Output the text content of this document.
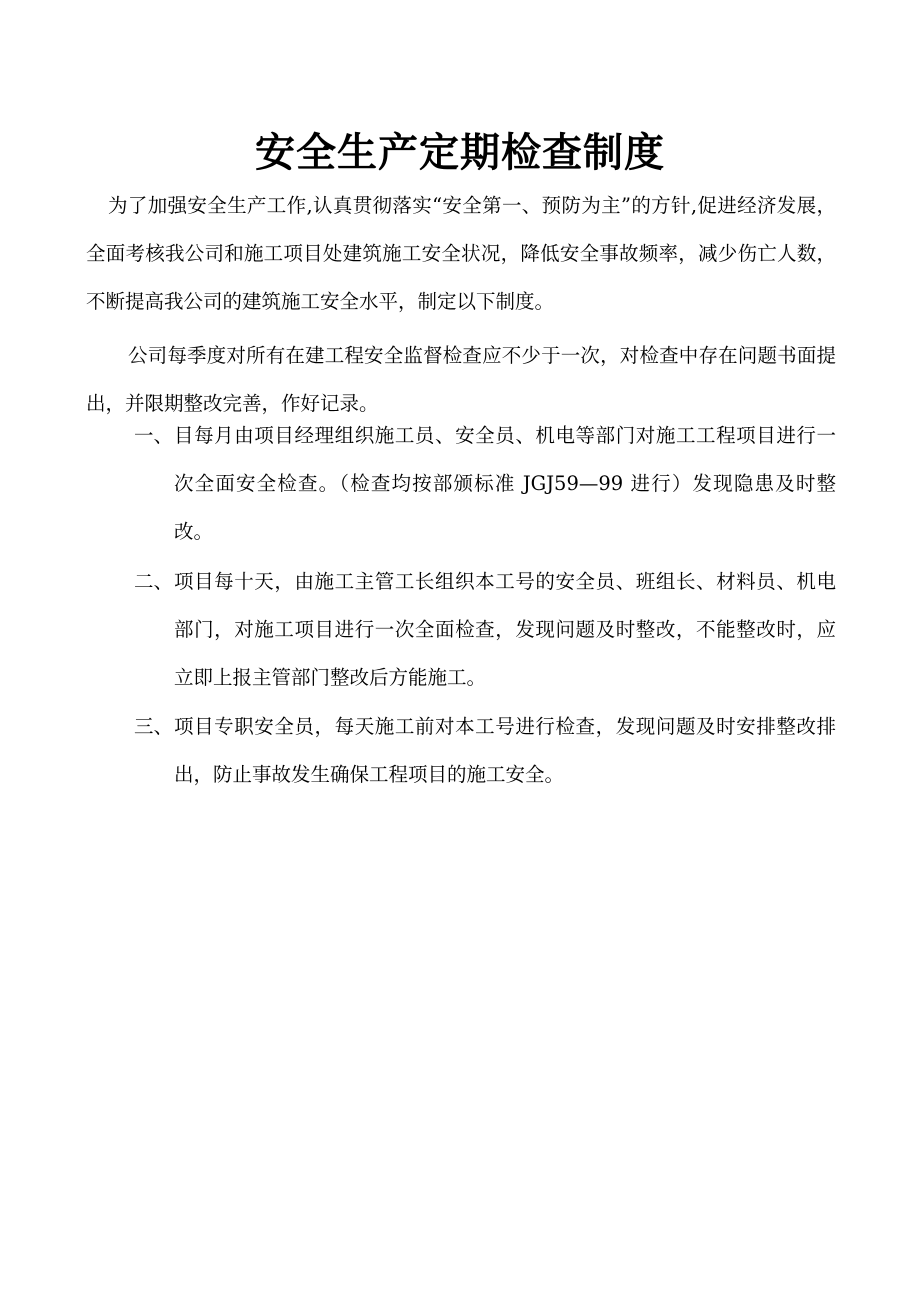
安全生产定期检查制度

为了加强安全生产工作,认真贯彻落实“安全第一、预防为主”的方针,促进经济发展，全面考核我公司和施工项目处建筑施工安全状况，降低安全事故频率，减少伤亡人数，不断提高我公司的建筑施工安全水平，制定以下制度。

公司每季度对所有在建工程安全监督检查应不少于一次，对检查中存在问题书面提出，并限期整改完善，作好记录。

一、 目每月由项目经理组织施工员、安全员、机电等部门对施工工程项目进行一次全面安全检查。（检查均按部颁标准 JGJ59—99 进行）发现隐患及时整改。
二、 项目每十天，由施工主管工长组织本工号的安全员、班组长、材料员、机电部门，对施工项目进行一次全面检查，发现问题及时整改，不能整改时，应立即上报主管部门整改后方能施工。
三、 项目专职安全员，每天施工前对本工号进行检查，发现问题及时安排整改排出，防止事故发生确保工程项目的施工安全。
